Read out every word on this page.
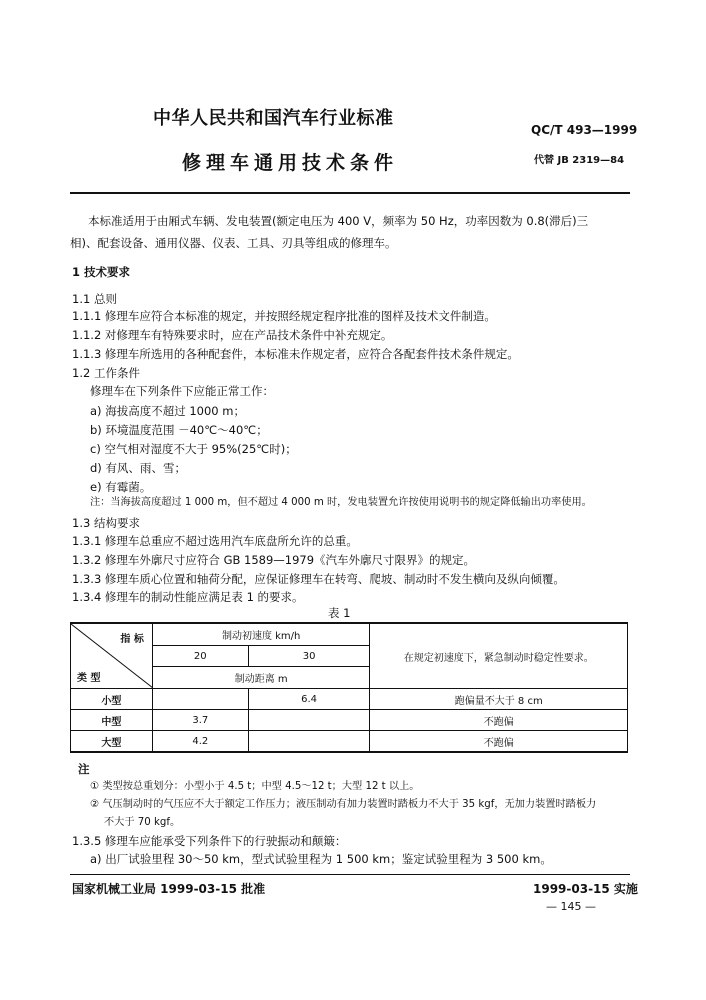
中华人民共和国汽车行业标准
QC/T 493—1999
修理车通用技术条件	代替 JB 2319—84
本标准适用于由厢式车辆、发电装置(额定电压为 400 V，频率为 50 Hz，功率因数为 0.8(滞后)三
相)、配套设备、通用仪器、仪表、工具、刃具等组成的修理车。
1 技术要求
1.1 总则
1.1.1 修理车应符合本标准的规定，并按照经规定程序批准的图样及技术文件制造。
1.1.2 对修理车有特殊要求时，应在产品技术条件中补充规定。
1.1.3 修理车所选用的各种配套件，本标准未作规定者，应符合各配套件技术条件规定。
1.2 工作条件
修理车在下列条件下应能正常工作：
a) 海拔高度不超过 1000 m；
b) 环境温度范围 －40℃～40℃；
c) 空气相对湿度不大于 95%(25℃时)；
d) 有风、雨、雪；
e) 有霉菌。
注：当海拔高度超过 1 000 m，但不超过 4 000 m 时，发电装置允许按使用说明书的规定降低输出功率使用。
1.3 结构要求
1.3.1 修理车总重应不超过选用汽车底盘所允许的总重。
1.3.2 修理车外廓尺寸应符合 GB 1589—1979《汽车外廓尺寸限界》的规定。
1.3.3 修理车质心位置和轴荷分配，应保证修理车在转弯、爬坡、制动时不发生横向及纵向倾覆。
1.3.4 修理车的制动性能应满足表 1 的要求。
表 1
指 标
类 型	制动初速度 km/h		在规定初速度下，紧急制动时稳定性要求。
	20	30	
	制动距离 m		
小型		6.4	跑偏量不大于 8 cm
中型	3.7		不跑偏
大型	4.2		不跑偏
注
① 类型按总重划分：小型小于 4.5 t；中型 4.5～12 t；大型 12 t 以上。
② 气压制动时的气压应不大于额定工作压力；液压制动有加力装置时踏板力不大于 35 kgf，无加力装置时踏板力
不大于 70 kgf。
1.3.5 修理车应能承受下列条件下的行驶振动和颠簸：
a) 出厂试验里程 30～50 km，型式试验里程为 1 500 km；鉴定试验里程为 3 500 km。
国家机械工业局 1999-03-15 批准	1999-03-15 实施
— 145 —
